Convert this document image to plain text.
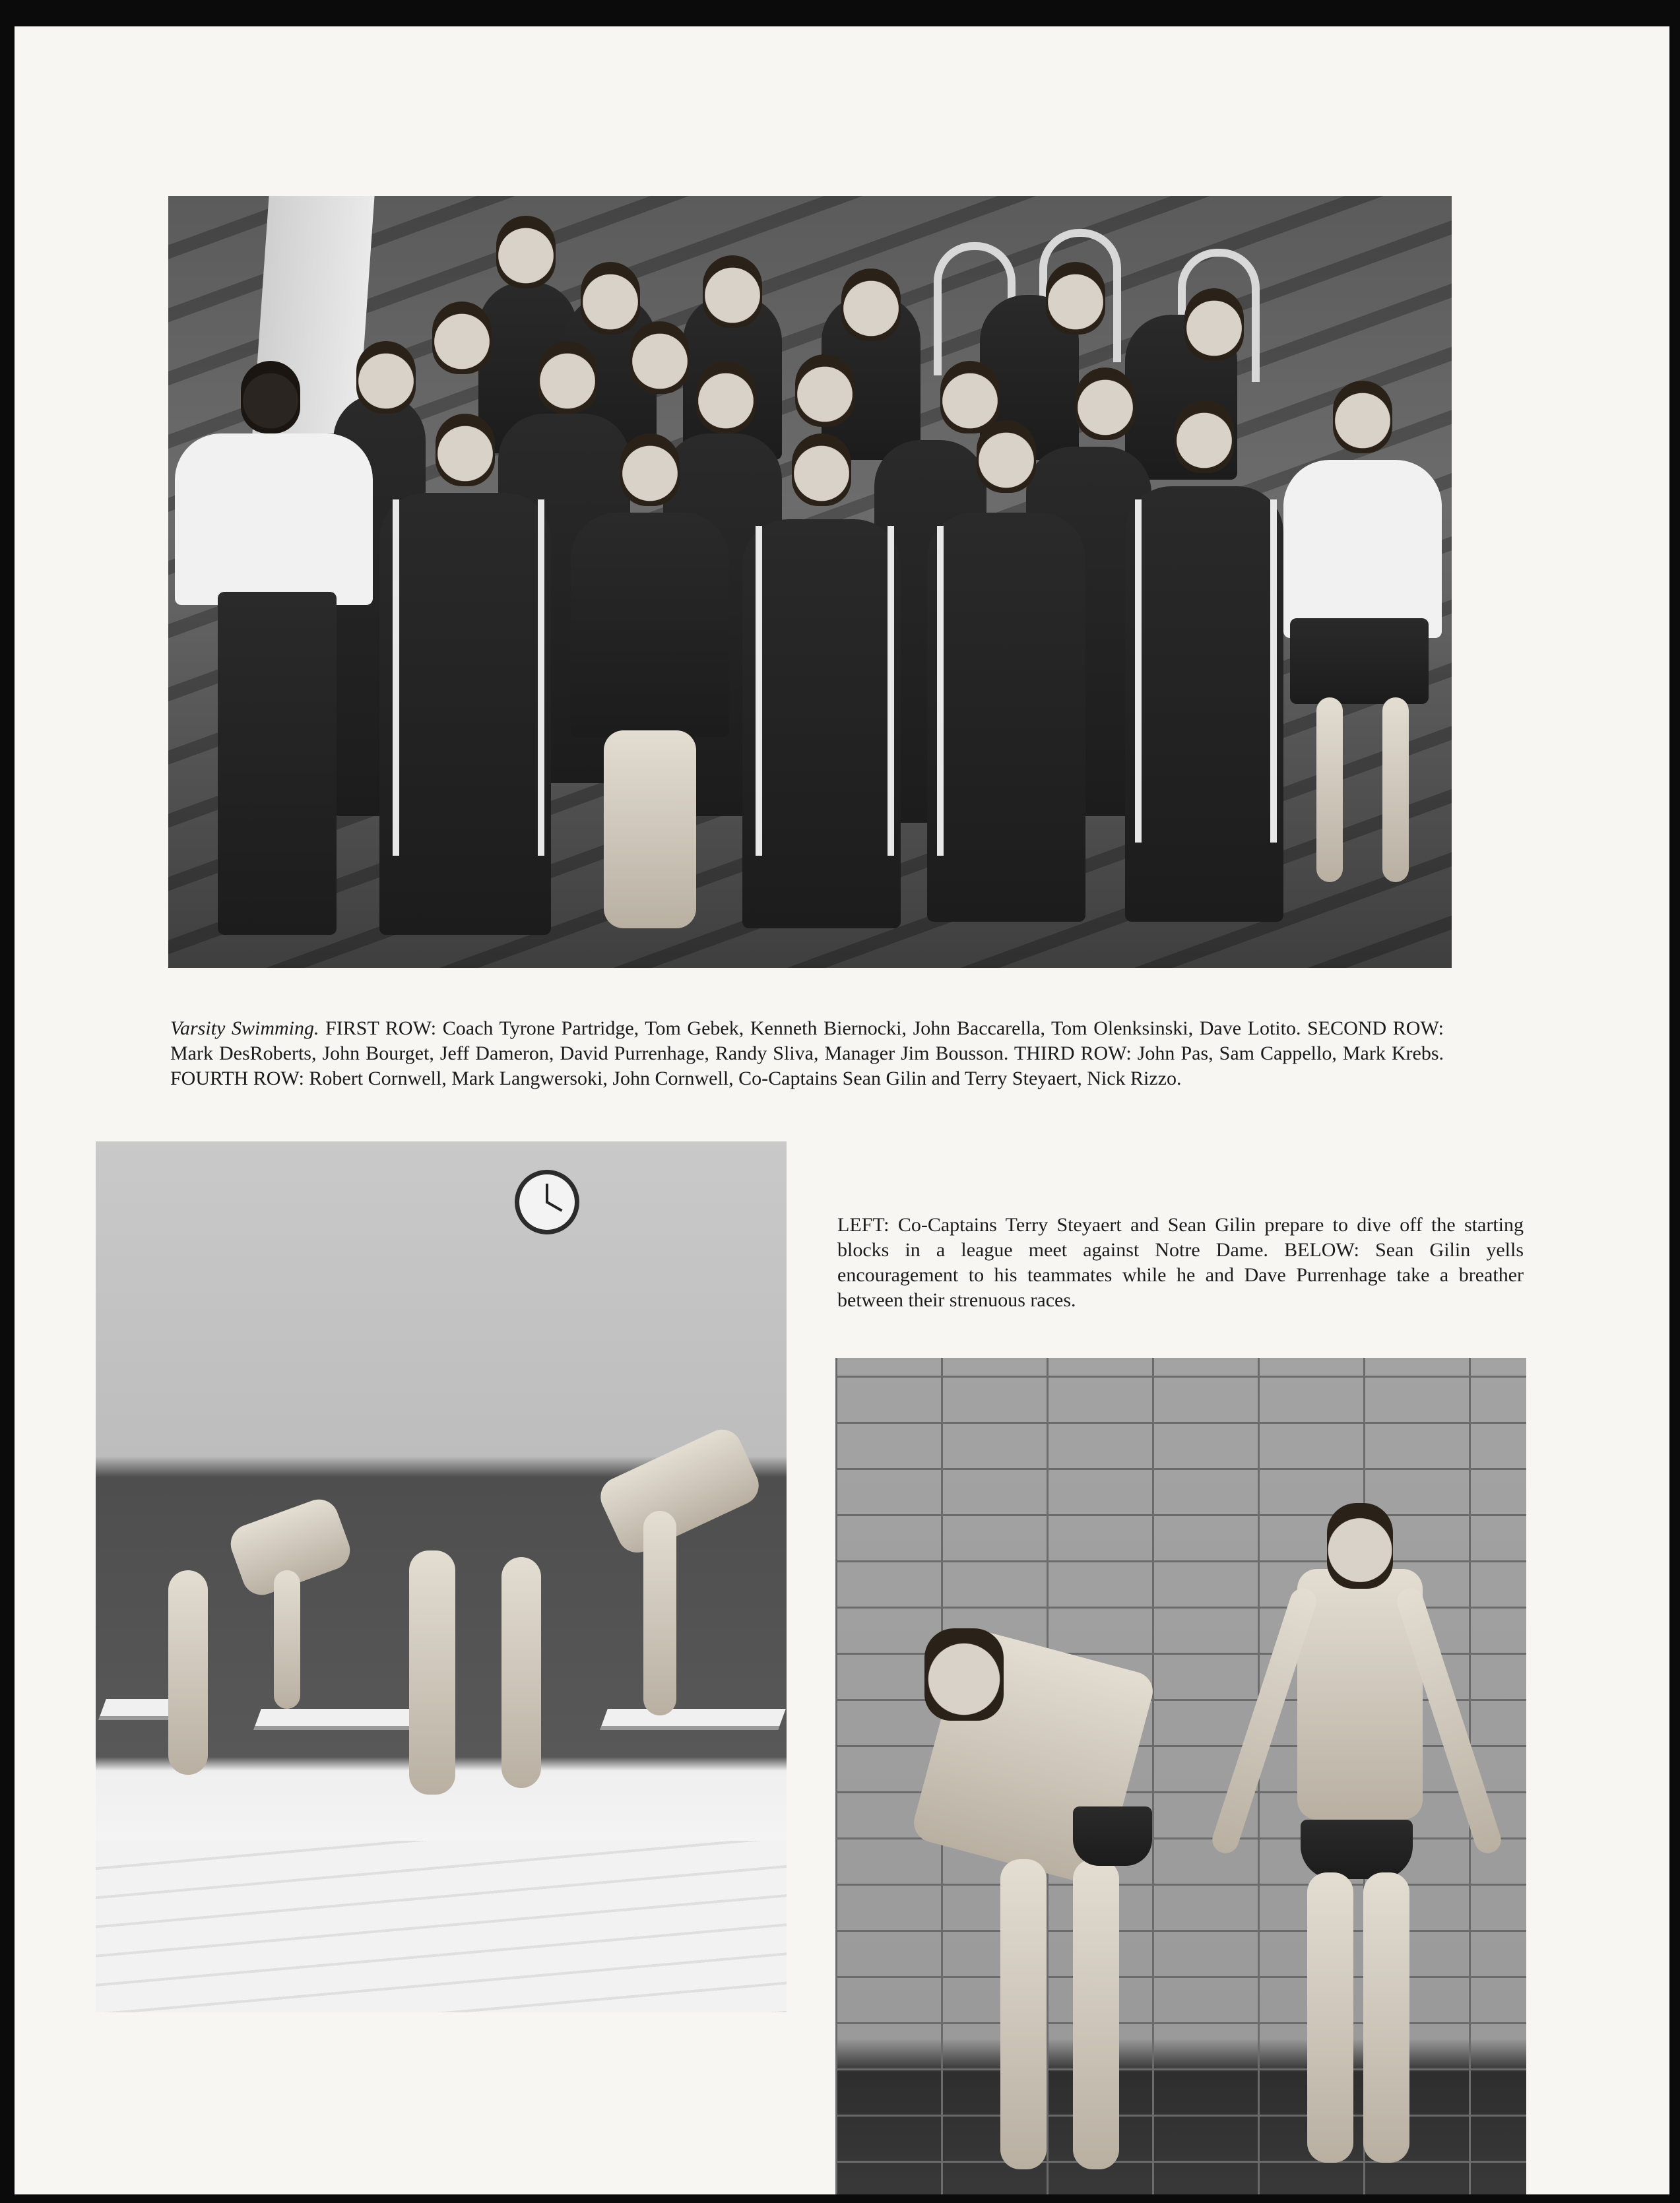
Varsity Swimming. FIRST ROW: Coach Tyrone Partridge, Tom Gebek, Kenneth Biernocki, John Baccarella, Tom Olenksinski, Dave Lotito. SECOND ROW: Mark DesRoberts, John Bourget, Jeff Dameron, David Purrenhage, Randy Sliva, Manager Jim Bousson. THIRD ROW: John Pas, Sam Cappello, Mark Krebs. FOURTH ROW: Robert Cornwell, Mark Langwersoki, John Cornwell, Co-Captains Sean Gilin and Terry Steyaert, Nick Rizzo.

LEFT: Co-Captains Terry Steyaert and Sean Gilin prepare to dive off the starting blocks in a league meet against Notre Dame. BELOW: Sean Gilin yells encouragement to his teammates while he and Dave Purrenhage take a breather between their strenuous races.
